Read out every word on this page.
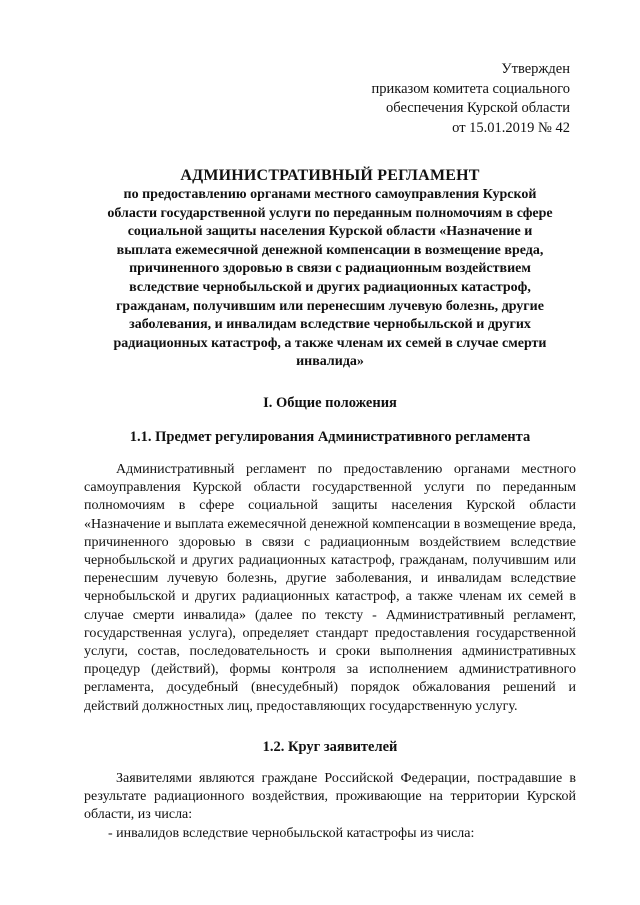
Утвержден
приказом комитета социального
обеспечения Курской области
от 15.01.2019 № 42
АДМИНИСТРАТИВНЫЙ РЕГЛАМЕНТ
по предоставлению органами местного самоуправления Курской
области государственной услуги по переданным полномочиям в сфере
социальной защиты населения Курской области «Назначение и
выплата ежемесячной денежной компенсации в возмещение вреда,
причиненного здоровью в связи с радиационным воздействием
вследствие чернобыльской и других радиационных катастроф,
гражданам, получившим или перенесшим лучевую болезнь, другие
заболевания, и инвалидам вследствие чернобыльской и других
радиационных катастроф, а также членам их семей в случае смерти
инвалида»
I. Общие положения
1.1. Предмет регулирования Административного регламента

Административный регламент по предоставлению органами местного самоуправления Курской области государственной услуги по переданным полномочиям в сфере социальной защиты населения Курской области «Назначение и выплата ежемесячной денежной компенсации в возмещение вреда, причиненного здоровью в связи с радиационным воздействием вследствие чернобыльской и других радиационных катастроф, гражданам, получившим или перенесшим лучевую болезнь, другие заболевания, и инвалидам вследствие чернобыльской и других радиационных катастроф, а также членам их семей в случае смерти инвалида» (далее по тексту - Административный регламент, государственная услуга), определяет стандарт предоставления государственной услуги, состав, последовательность и сроки выполнения административных процедур (действий), формы контроля за исполнением административного регламента, досудебный (внесудебный) порядок обжалования решений и действий должностных лиц, предоставляющих государственную услугу.

1.2. Круг заявителей

Заявителями являются граждане Российской Федерации, пострадавшие в результате радиационного воздействия, проживающие на территории Курской области, из числа:

- инвалидов вследствие чернобыльской катастрофы из числа:
